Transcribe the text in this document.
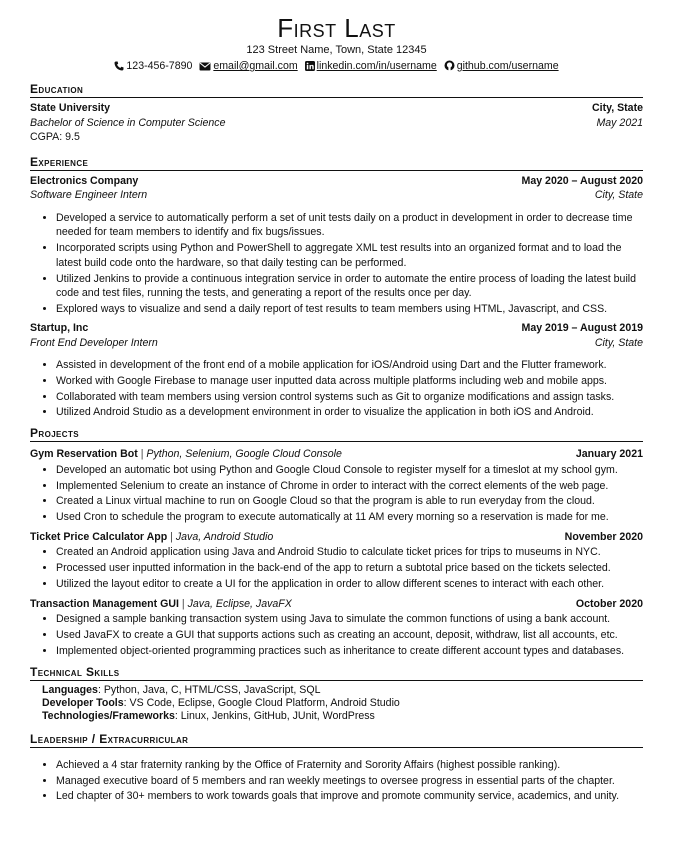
First Last
123 Street Name, Town, State 12345
123-456-7890 email@gmail.com linkedin.com/in/username github.com/username
Education
State University	City, State
Bachelor of Science in Computer Science	May 2021
CGPA: 9.5
Experience
Electronics Company	May 2020 – August 2020
Software Engineer Intern	City, State
• Developed a service to automatically perform a set of unit tests daily on a product in development in order to decrease time needed for team members to identify and fix bugs/issues.
• Incorporated scripts using Python and PowerShell to aggregate XML test results into an organized format and to load the latest build code onto the hardware, so that daily testing can be performed.
• Utilized Jenkins to provide a continuous integration service in order to automate the entire process of loading the latest build code and test files, running the tests, and generating a report of the results once per day.
• Explored ways to visualize and send a daily report of test results to team members using HTML, Javascript, and CSS.
Startup, Inc	May 2019 – August 2019
Front End Developer Intern	City, State
• Assisted in development of the front end of a mobile application for iOS/Android using Dart and the Flutter framework.
• Worked with Google Firebase to manage user inputted data across multiple platforms including web and mobile apps.
• Collaborated with team members using version control systems such as Git to organize modifications and assign tasks.
• Utilized Android Studio as a development environment in order to visualize the application in both iOS and Android.
Projects
Gym Reservation Bot | Python, Selenium, Google Cloud Console	January 2021
• Developed an automatic bot using Python and Google Cloud Console to register myself for a timeslot at my school gym.
• Implemented Selenium to create an instance of Chrome in order to interact with the correct elements of the web page.
• Created a Linux virtual machine to run on Google Cloud so that the program is able to run everyday from the cloud.
• Used Cron to schedule the program to execute automatically at 11 AM every morning so a reservation is made for me.
Ticket Price Calculator App | Java, Android Studio	November 2020
• Created an Android application using Java and Android Studio to calculate ticket prices for trips to museums in NYC.
• Processed user inputted information in the back-end of the app to return a subtotal price based on the tickets selected.
• Utilized the layout editor to create a UI for the application in order to allow different scenes to interact with each other.
Transaction Management GUI | Java, Eclipse, JavaFX	October 2020
• Designed a sample banking transaction system using Java to simulate the common functions of using a bank account.
• Used JavaFX to create a GUI that supports actions such as creating an account, deposit, withdraw, list all accounts, etc.
• Implemented object-oriented programming practices such as inheritance to create different account types and databases.
Technical Skills
Languages: Python, Java, C, HTML/CSS, JavaScript, SQL
Developer Tools: VS Code, Eclipse, Google Cloud Platform, Android Studio
Technologies/Frameworks: Linux, Jenkins, GitHub, JUnit, WordPress
Leadership / Extracurricular
• Achieved a 4 star fraternity ranking by the Office of Fraternity and Sorority Affairs (highest possible ranking).
• Managed executive board of 5 members and ran weekly meetings to oversee progress in essential parts of the chapter.
• Led chapter of 30+ members to work towards goals that improve and promote community service, academics, and unity.
